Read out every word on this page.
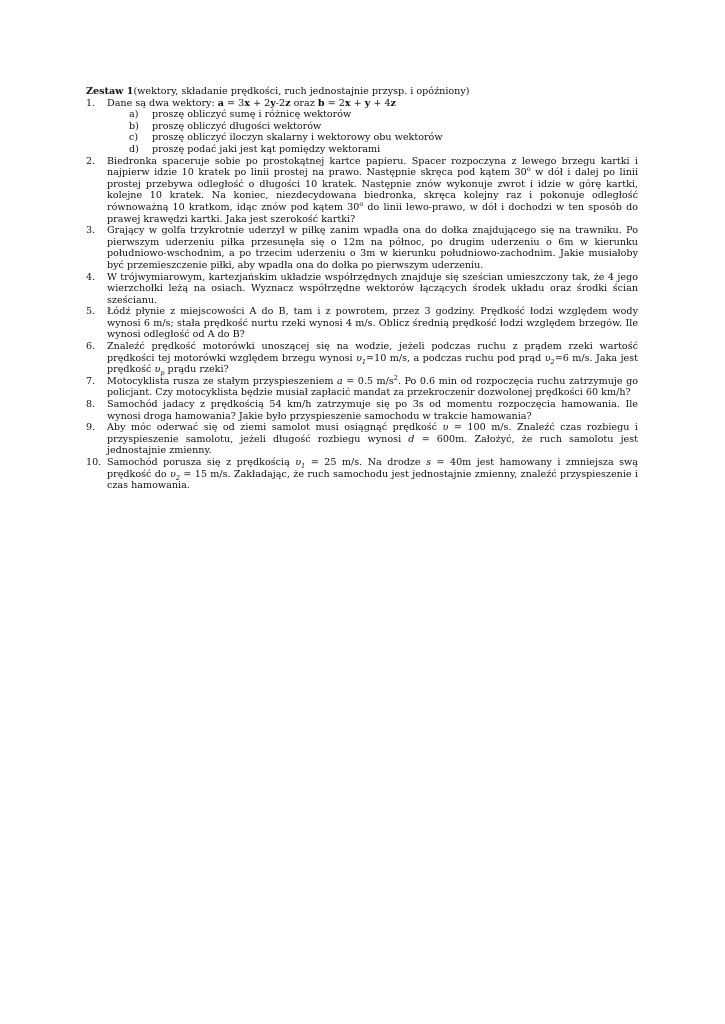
Zestaw 1(wektory, składanie prędkości, ruch jednostajnie przysp. i opóźniony)
1.	Dane są dwa wektory: a = 3x + 2y-2z oraz b = 2x + y + 4z
a) proszę obliczyć sumę i różnicę wektorów
b) proszę obliczyć długości wektorów
c) proszę obliczyć iloczyn skalarny i wektorowy obu wektorów
d) proszę podać jaki jest kąt pomiędzy wektorami
2.	Biedronka spaceruje sobie po prostokątnej kartce papieru. Spacer rozpoczyna z lewego brzegu kartki i najpierw idzie 10 kratek po linii prostej na prawo. Następnie skręca pod kątem 30$^o$ w dół i dalej po linii prostej przebywa odległość o długości 10 kratek. Następnie znów wykonuje zwrot i idzie w górę kartki, kolejne 10 kratek. Na koniec, niezdecydowana biedronka, skręca kolejny raz i pokonuje odległość równoważną 10 kratkom, idąc znów pod kątem 30$^o$ do linii lewo-prawo, w dół i dochodzi w ten sposób do prawej krawędzi kartki. Jaka jest szerokość kartki?
3.	Grający w golfa trzykrotnie uderzył w piłkę zanim wpadła ona do dołka znajdującego się na trawniku. Po pierwszym uderzeniu piłka przesunęła się o 12m na północ, po drugim uderzeniu o 6m w kierunku południowo-wschodnim, a po trzecim uderzeniu o 3m w kierunku południowo-zachodnim. Jakie musiałoby być przemieszczenie piłki, aby wpadła ona do dołka po pierwszym uderzeniu.
4.	W trójwymiarowym, kartezjańskim układzie współrzędnych znajduje się sześcian umieszczony tak, że 4 jego wierzchołki leżą na osiach. Wyznacz współrzędne wektorów łączących środek układu oraz środki ścian sześcianu.
5.	Łódź płynie z miejscowości A do B, tam i z powrotem, przez 3 godziny. Prędkość łodzi względem wody wynosi 6 m/s; stała prędkość nurtu rzeki wynosi 4 m/s. Oblicz średnią prędkość łodzi względem brzegów. Ile wynosi odległość od A do B?
6.	Znaleźć prędkość motorówki unoszącej się na wodzie, jeżeli podczas ruchu z prądem rzeki wartość prędkości tej motorówki względem brzegu wynosi $\upsilon_1=10$ m/s, a podczas ruchu pod prąd $\upsilon_2=6$ m/s. Jaka jest prędkość $\upsilon_p$ prądu rzeki?
7.	Motocyklista rusza ze stałym przyspieszeniem a = 0.5 $m/s^2$. Po 0.6 min od rozpoczęcia ruchu zatrzymuje go policjant. Czy motocyklista będzie musiał zapłacić mandat za przekroczenir dozwolonej prędkości 60 km/h?
8.	Samochód jadacy z prędkością 54 km/h zatrzymuje się po 3s od momentu rozpoczęcia hamowania. Ile wynosi droga hamowania? Jakie było przyspieszenie samochodu w trakcie hamowania?
9.	Aby móc oderwać się od ziemi samolot musi osiągnąć prędkość υ = 100 m/s. Znaleźć czas rozbiegu i przyspieszenie samolotu, jeżeli długość rozbiegu wynosi d = 600m. Założyć, że ruch samolotu jest jednostajnie zmienny.
10. Samochód porusza się z prędkością $\upsilon_1 = 25$ m/s. Na drodze s = 40m jest hamowany i zmniejsza swą prędkość do $\upsilon_2 = 15$ m/s. Zakładając, że ruch samochodu jest jednostajnie zmienny, znaleźć przyspieszenie i czas hamowania.
